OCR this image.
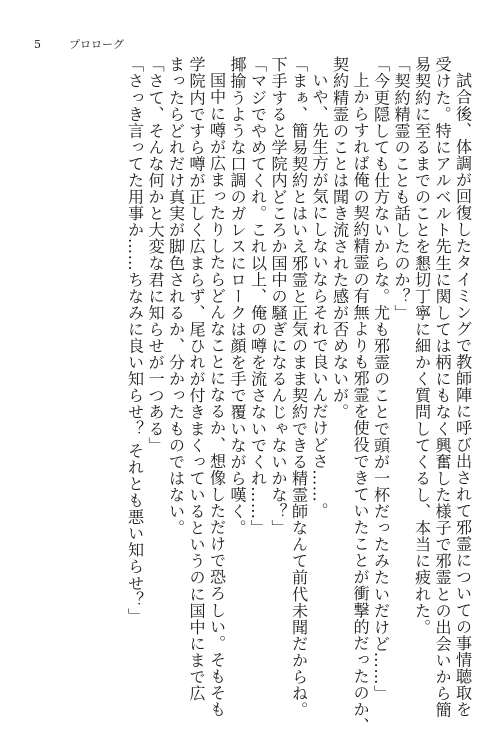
5	プロローグ
試合後、体調が回復したタイミングで教師陣に呼び出されて邪霊についての事情聴取を
受けた。特にアルベルト先生に関しては柄にもなく興奮した様子で邪霊との出会いから簡
易契約に至るまでのことを懇切丁寧に細かく質問してくるし、本当に疲れた。
「契約精霊のことも話したのか？」
「今更隠しても仕方ないからな。尤も邪霊のことで頭が一杯だったみたいだけど……」
上からすれば俺の契約精霊の有無よりも邪霊を使役できていたことが衝撃的だったのか、
契約精霊のことは聞き流された感が否めないが。
いや、先生方が気にしないならそれで良いんだけどさ……。
「まぁ、簡易契約とはいえ邪霊と正気のまま契約できる精霊師なんて前代未聞だからね。
下手すると学院内どころか国中の騒ぎになるんじゃないかな？」
「マジでやめてくれ。これ以上、俺の噂を流さないでくれ……」
揶揄うような口調のガレスにロークは顔を手で覆いながら嘆く。
国中に噂が広まったりしたらどんなことになるか、想像しただけで恐ろしい。そもそも
学院内ですら噂が正しく広まらず、尾ひれが付きまくっているというのに国中にまで広
まったらどれだけ真実が脚色されるか、分かったものではない。
「さて、そんな何かと大変な君に知らせが一つある」
「さっき言ってた用事か……ちなみに良い知らせ？ それとも悪い知らせ？」
